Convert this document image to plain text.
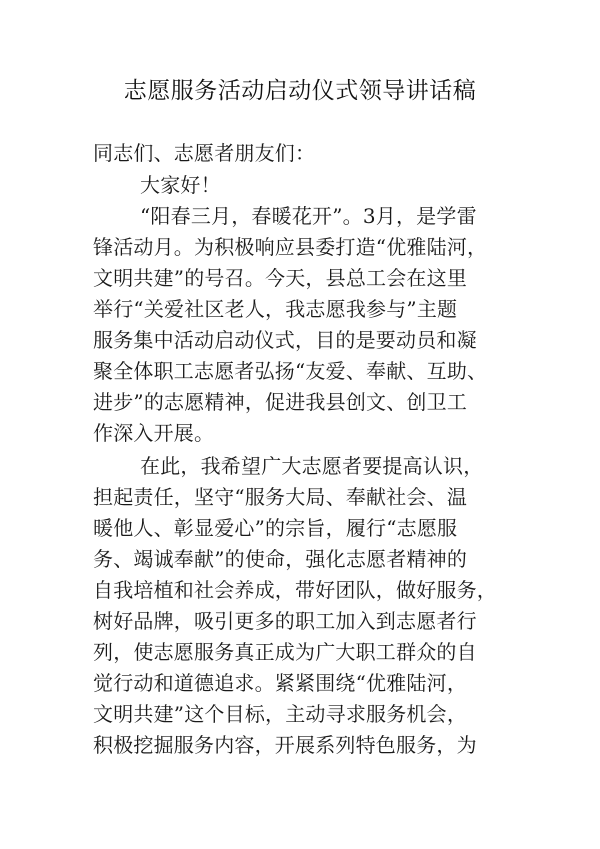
志愿服务活动启动仪式领导讲话稿
同志们、志愿者朋友们：
大家好！
“阳春三月，春暖花开”。3月，是学雷
锋活动月。为积极响应县委打造“优雅陆河，
文明共建”的号召。今天，县总工会在这里
举行“关爱社区老人，我志愿我参与”主题
服务集中活动启动仪式，目的是要动员和凝
聚全体职工志愿者弘扬“友爱、奉献、互助、
进步”的志愿精神，促进我县创文、创卫工
作深入开展。
在此，我希望广大志愿者要提高认识，
担起责任，坚守“服务大局、奉献社会、温
暖他人、彰显爱心”的宗旨，履行“志愿服
务、竭诚奉献”的使命，强化志愿者精神的
自我培植和社会养成，带好团队，做好服务，
树好品牌，吸引更多的职工加入到志愿者行
列，使志愿服务真正成为广大职工群众的自
觉行动和道德追求。紧紧围绕“优雅陆河，
文明共建”这个目标，主动寻求服务机会，
积极挖掘服务内容，开展系列特色服务，为
